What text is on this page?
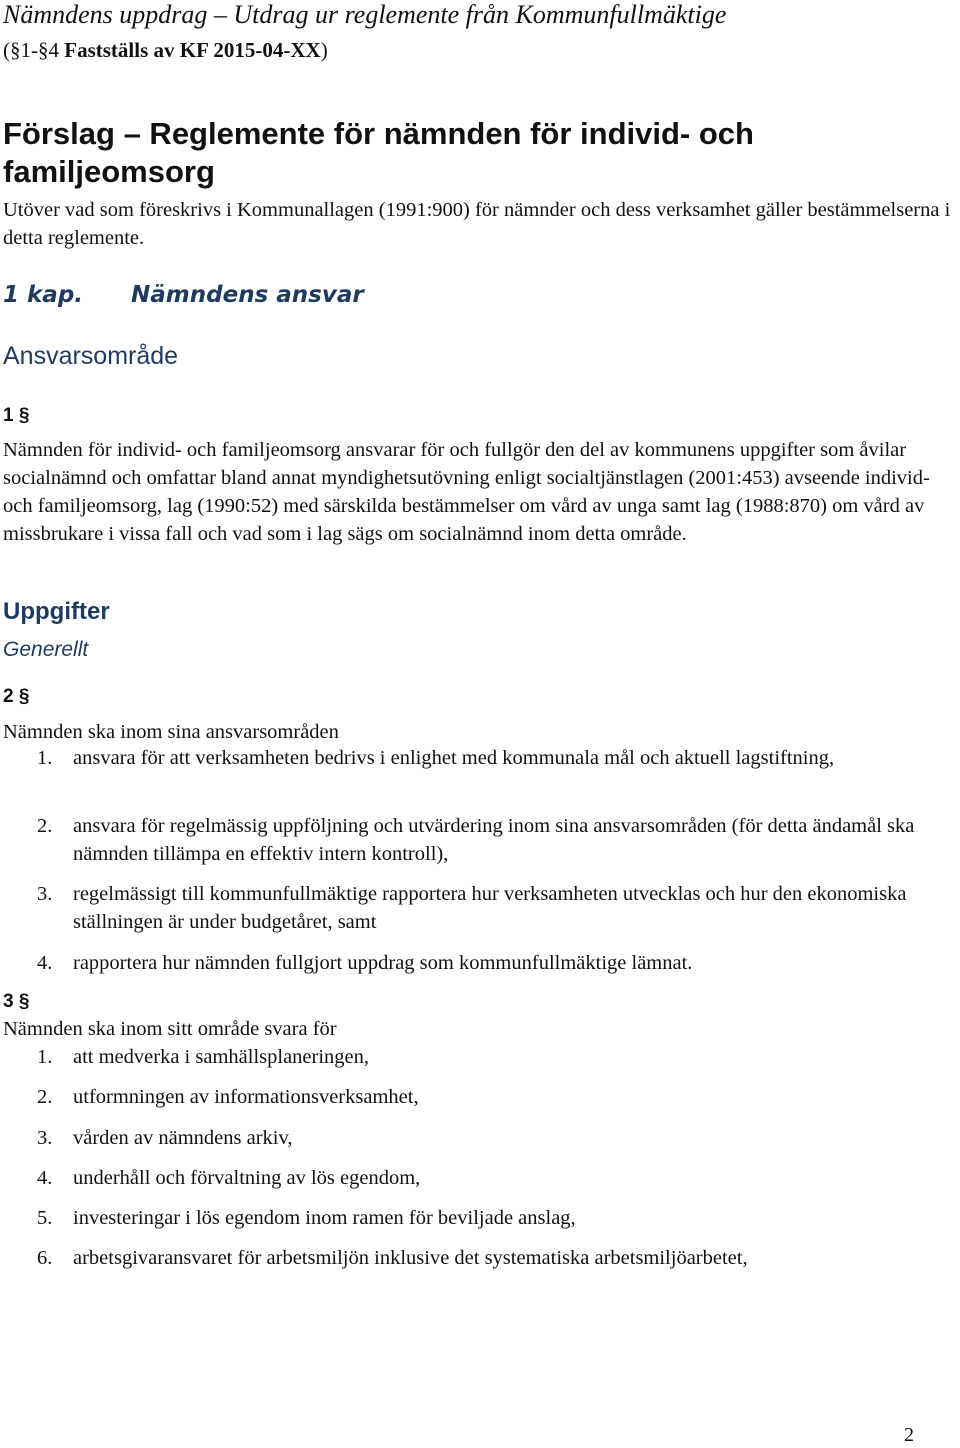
Nämndens uppdrag – Utdrag ur reglemente från Kommunfullmäktige
(§1-§4 Fastställs av KF 2015-04-XX)
Förslag – Reglemente för nämnden för individ- och familjeomsorg
Utöver vad som föreskrivs i Kommunallagen (1991:900) för nämnder och dess verksamhet gäller bestämmelserna i detta reglemente.
1 kap. Nämndens ansvar
Ansvarsområde
1 §
Nämnden för individ- och familjeomsorg ansvarar för och fullgör den del av kommunens uppgifter som åvilar socialnämnd och omfattar bland annat myndighetsutövning enligt socialtjänstlagen (2001:453) avseende individ- och familjeomsorg, lag (1990:52) med särskilda bestämmelser om vård av unga samt lag (1988:870) om vård av missbrukare i vissa fall och vad som i lag sägs om socialnämnd inom detta område.
Uppgifter
Generellt
2 §
Nämnden ska inom sina ansvarsområden
1.	ansvara för att verksamheten bedrivs i enlighet med kommunala mål och aktuell lagstiftning,
2.	ansvara för regelmässig uppföljning och utvärdering inom sina ansvarsområden (för detta ändamål ska nämnden tillämpa en effektiv intern kontroll),
3.	regelmässigt till kommunfullmäktige rapportera hur verksamheten utvecklas och hur den ekonomiska ställningen är under budgetåret, samt
4.	rapportera hur nämnden fullgjort uppdrag som kommunfullmäktige lämnat.
3 §
Nämnden ska inom sitt område svara för
1.	att medverka i samhällsplaneringen,
2.	utformningen av informationsverksamhet,
3.	vården av nämndens arkiv,
4.	underhåll och förvaltning av lös egendom,
5.	investeringar i lös egendom inom ramen för beviljade anslag,
6.	arbetsgivaransvaret för arbetsmiljön inklusive det systematiska arbetsmiljöarbetet,
2
